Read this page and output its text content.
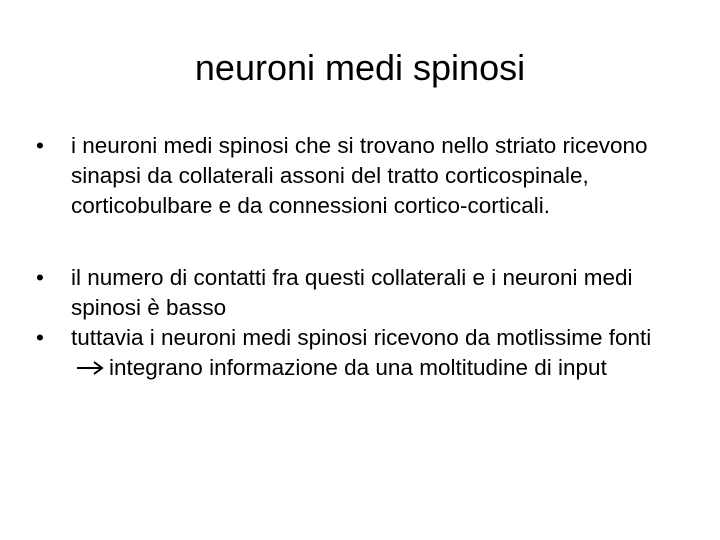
neuroni medi spinosi
•	i neuroni medi spinosi che si trovano nello striato ricevono sinapsi da collaterali assoni del tratto corticospinale, corticobulbare e da connessioni cortico-corticali.
•	il numero di contatti fra questi collaterali e i neuroni medi spinosi è basso
•	tuttavia i neuroni medi spinosi ricevono da motlissime fontiintegrano informazione da una moltitudine di input
